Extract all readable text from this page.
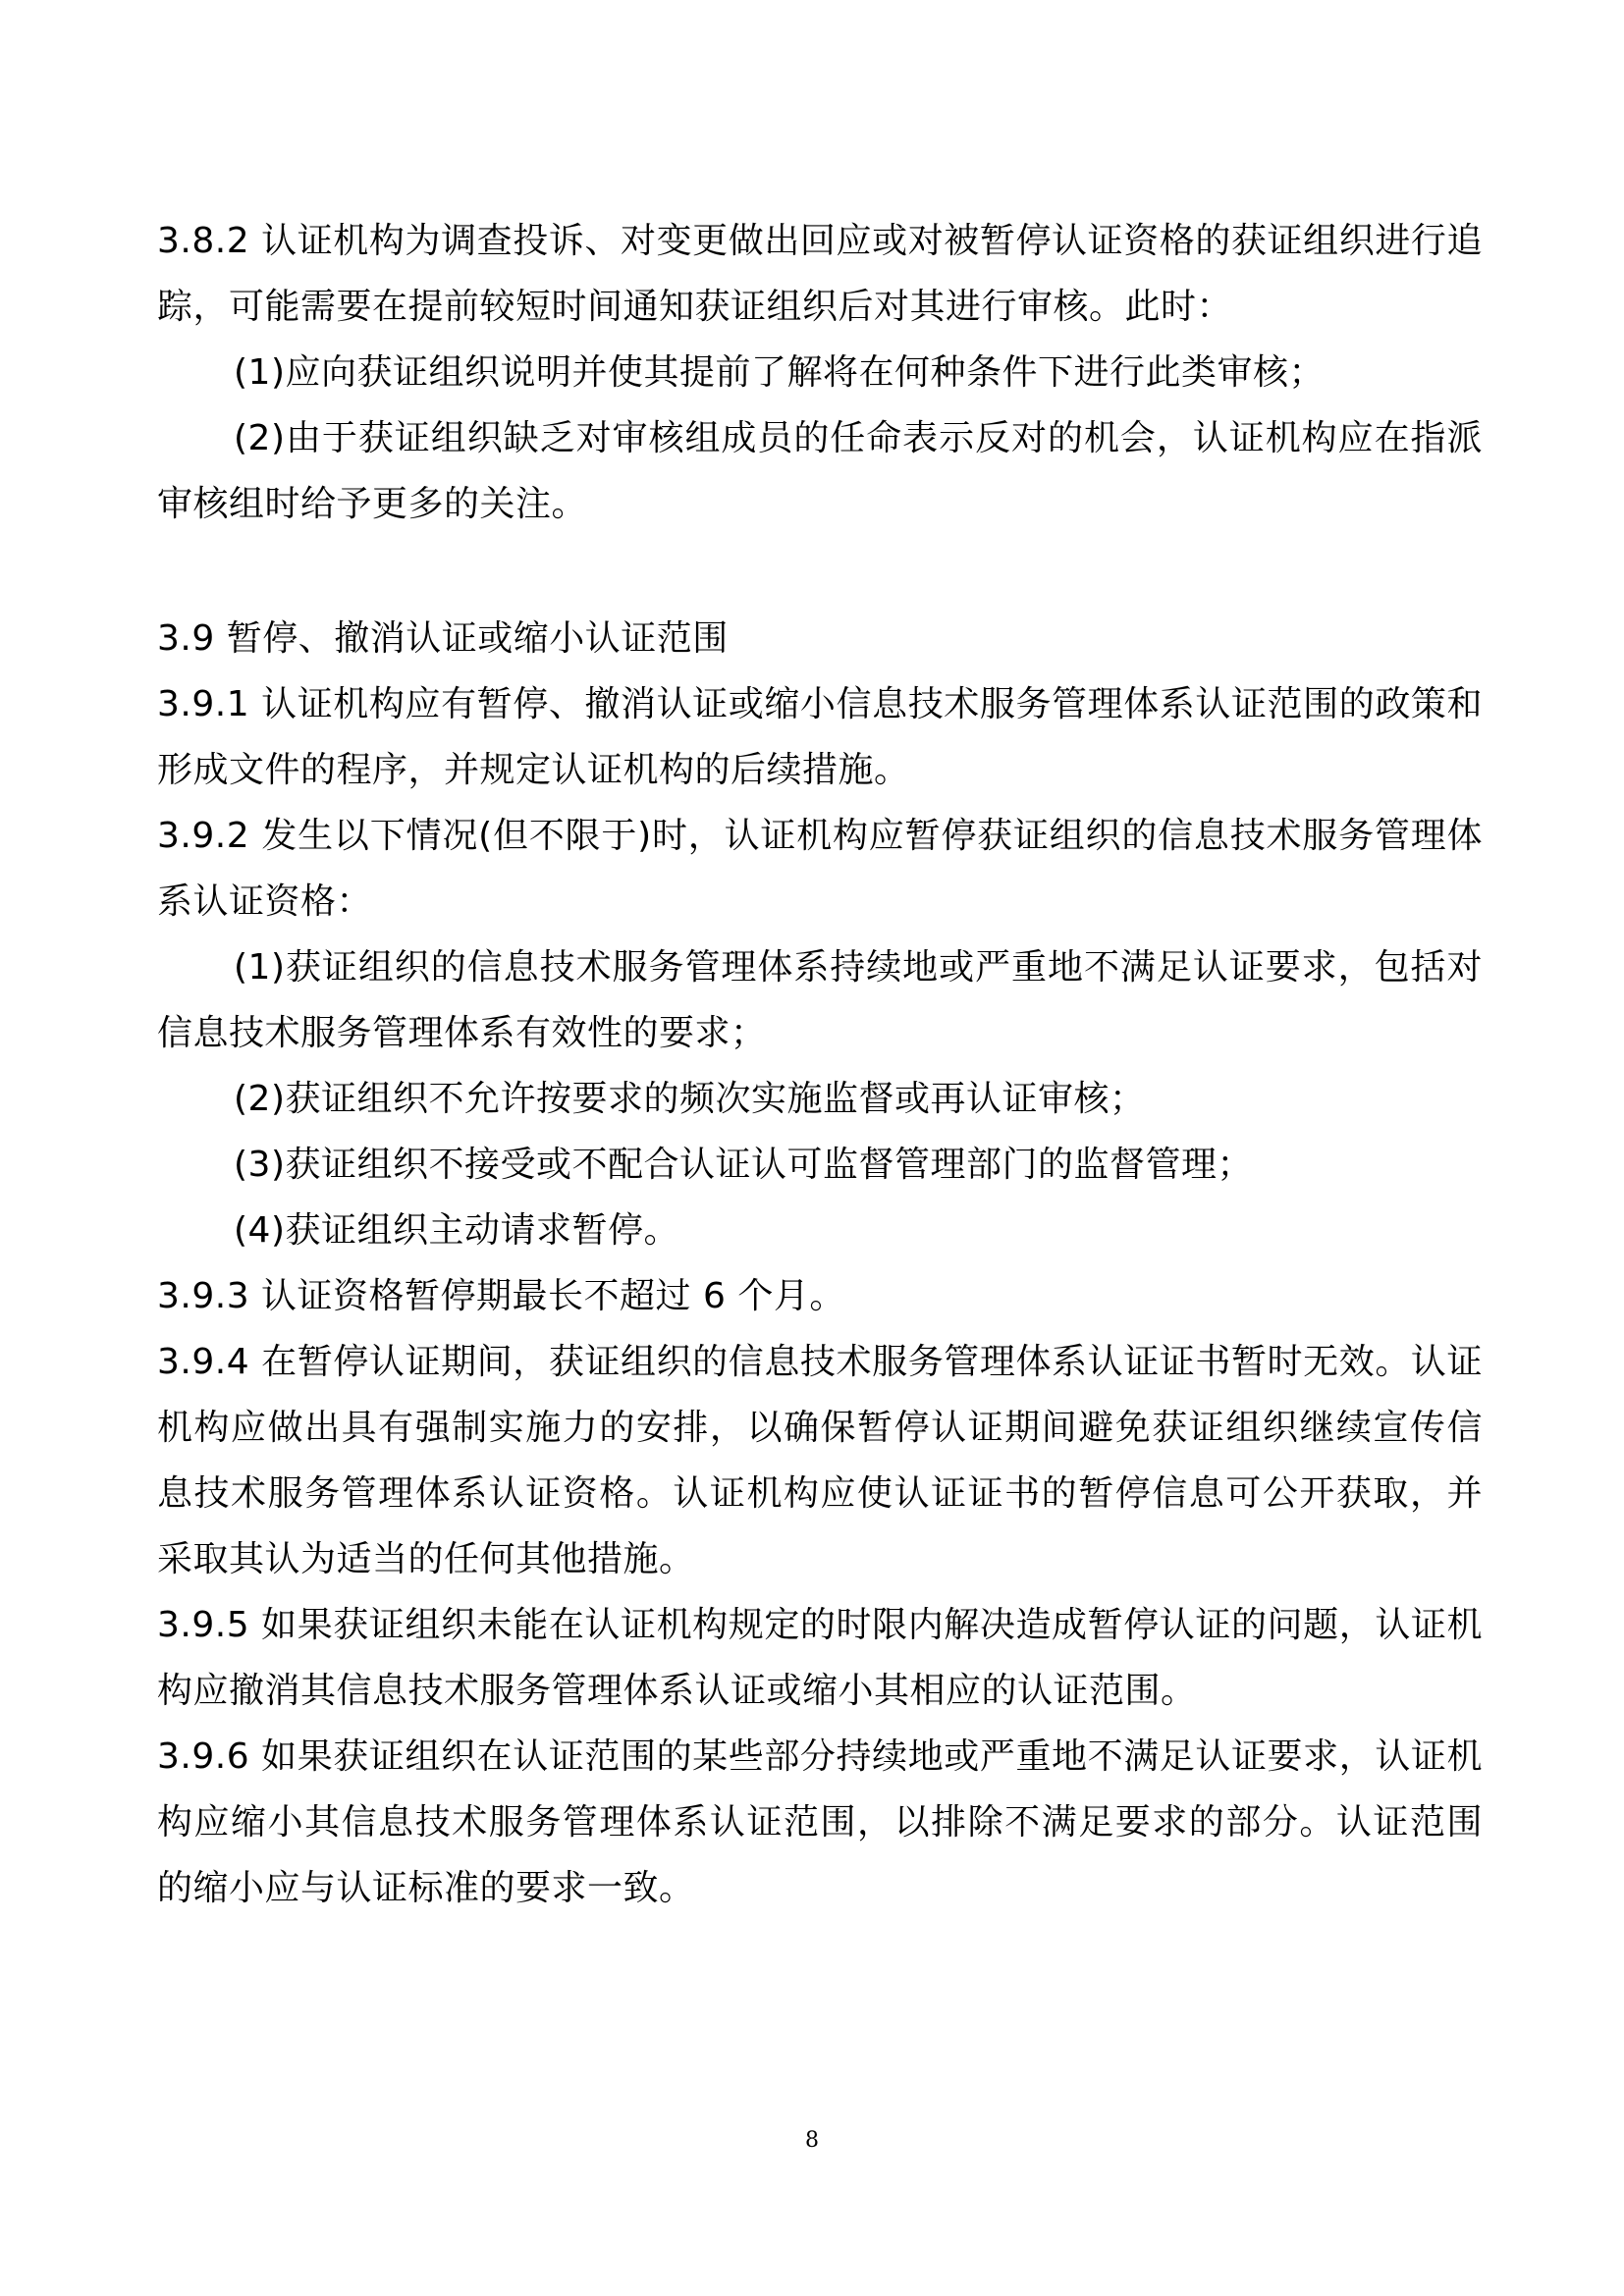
3.8.2 认证机构为调查投诉、对变更做出回应或对被暂停认证资格的获证组织进行追踪，可能需要在提前较短时间通知获证组织后对其进行审核。此时：

(1)应向获证组织说明并使其提前了解将在何种条件下进行此类审核；

(2)由于获证组织缺乏对审核组成员的任命表示反对的机会，认证机构应在指派审核组时给予更多的关注。

3.9 暂停、撤消认证或缩小认证范围

3.9.1 认证机构应有暂停、撤消认证或缩小信息技术服务管理体系认证范围的政策和形成文件的程序，并规定认证机构的后续措施。

3.9.2 发生以下情况(但不限于)时，认证机构应暂停获证组织的信息技术服务管理体系认证资格：

(1)获证组织的信息技术服务管理体系持续地或严重地不满足认证要求，包括对信息技术服务管理体系有效性的要求；

(2)获证组织不允许按要求的频次实施监督或再认证审核；

(3)获证组织不接受或不配合认证认可监督管理部门的监督管理；

(4)获证组织主动请求暂停。

3.9.3 认证资格暂停期最长不超过 6 个月。

3.9.4 在暂停认证期间，获证组织的信息技术服务管理体系认证证书暂时无效。认证机构应做出具有强制实施力的安排，以确保暂停认证期间避免获证组织继续宣传信息技术服务管理体系认证资格。认证机构应使认证证书的暂停信息可公开获取，并采取其认为适当的任何其他措施。

3.9.5 如果获证组织未能在认证机构规定的时限内解决造成暂停认证的问题，认证机构应撤消其信息技术服务管理体系认证或缩小其相应的认证范围。

3.9.6 如果获证组织在认证范围的某些部分持续地或严重地不满足认证要求，认证机构应缩小其信息技术服务管理体系认证范围，以排除不满足要求的部分。认证范围的缩小应与认证标准的要求一致。

8
